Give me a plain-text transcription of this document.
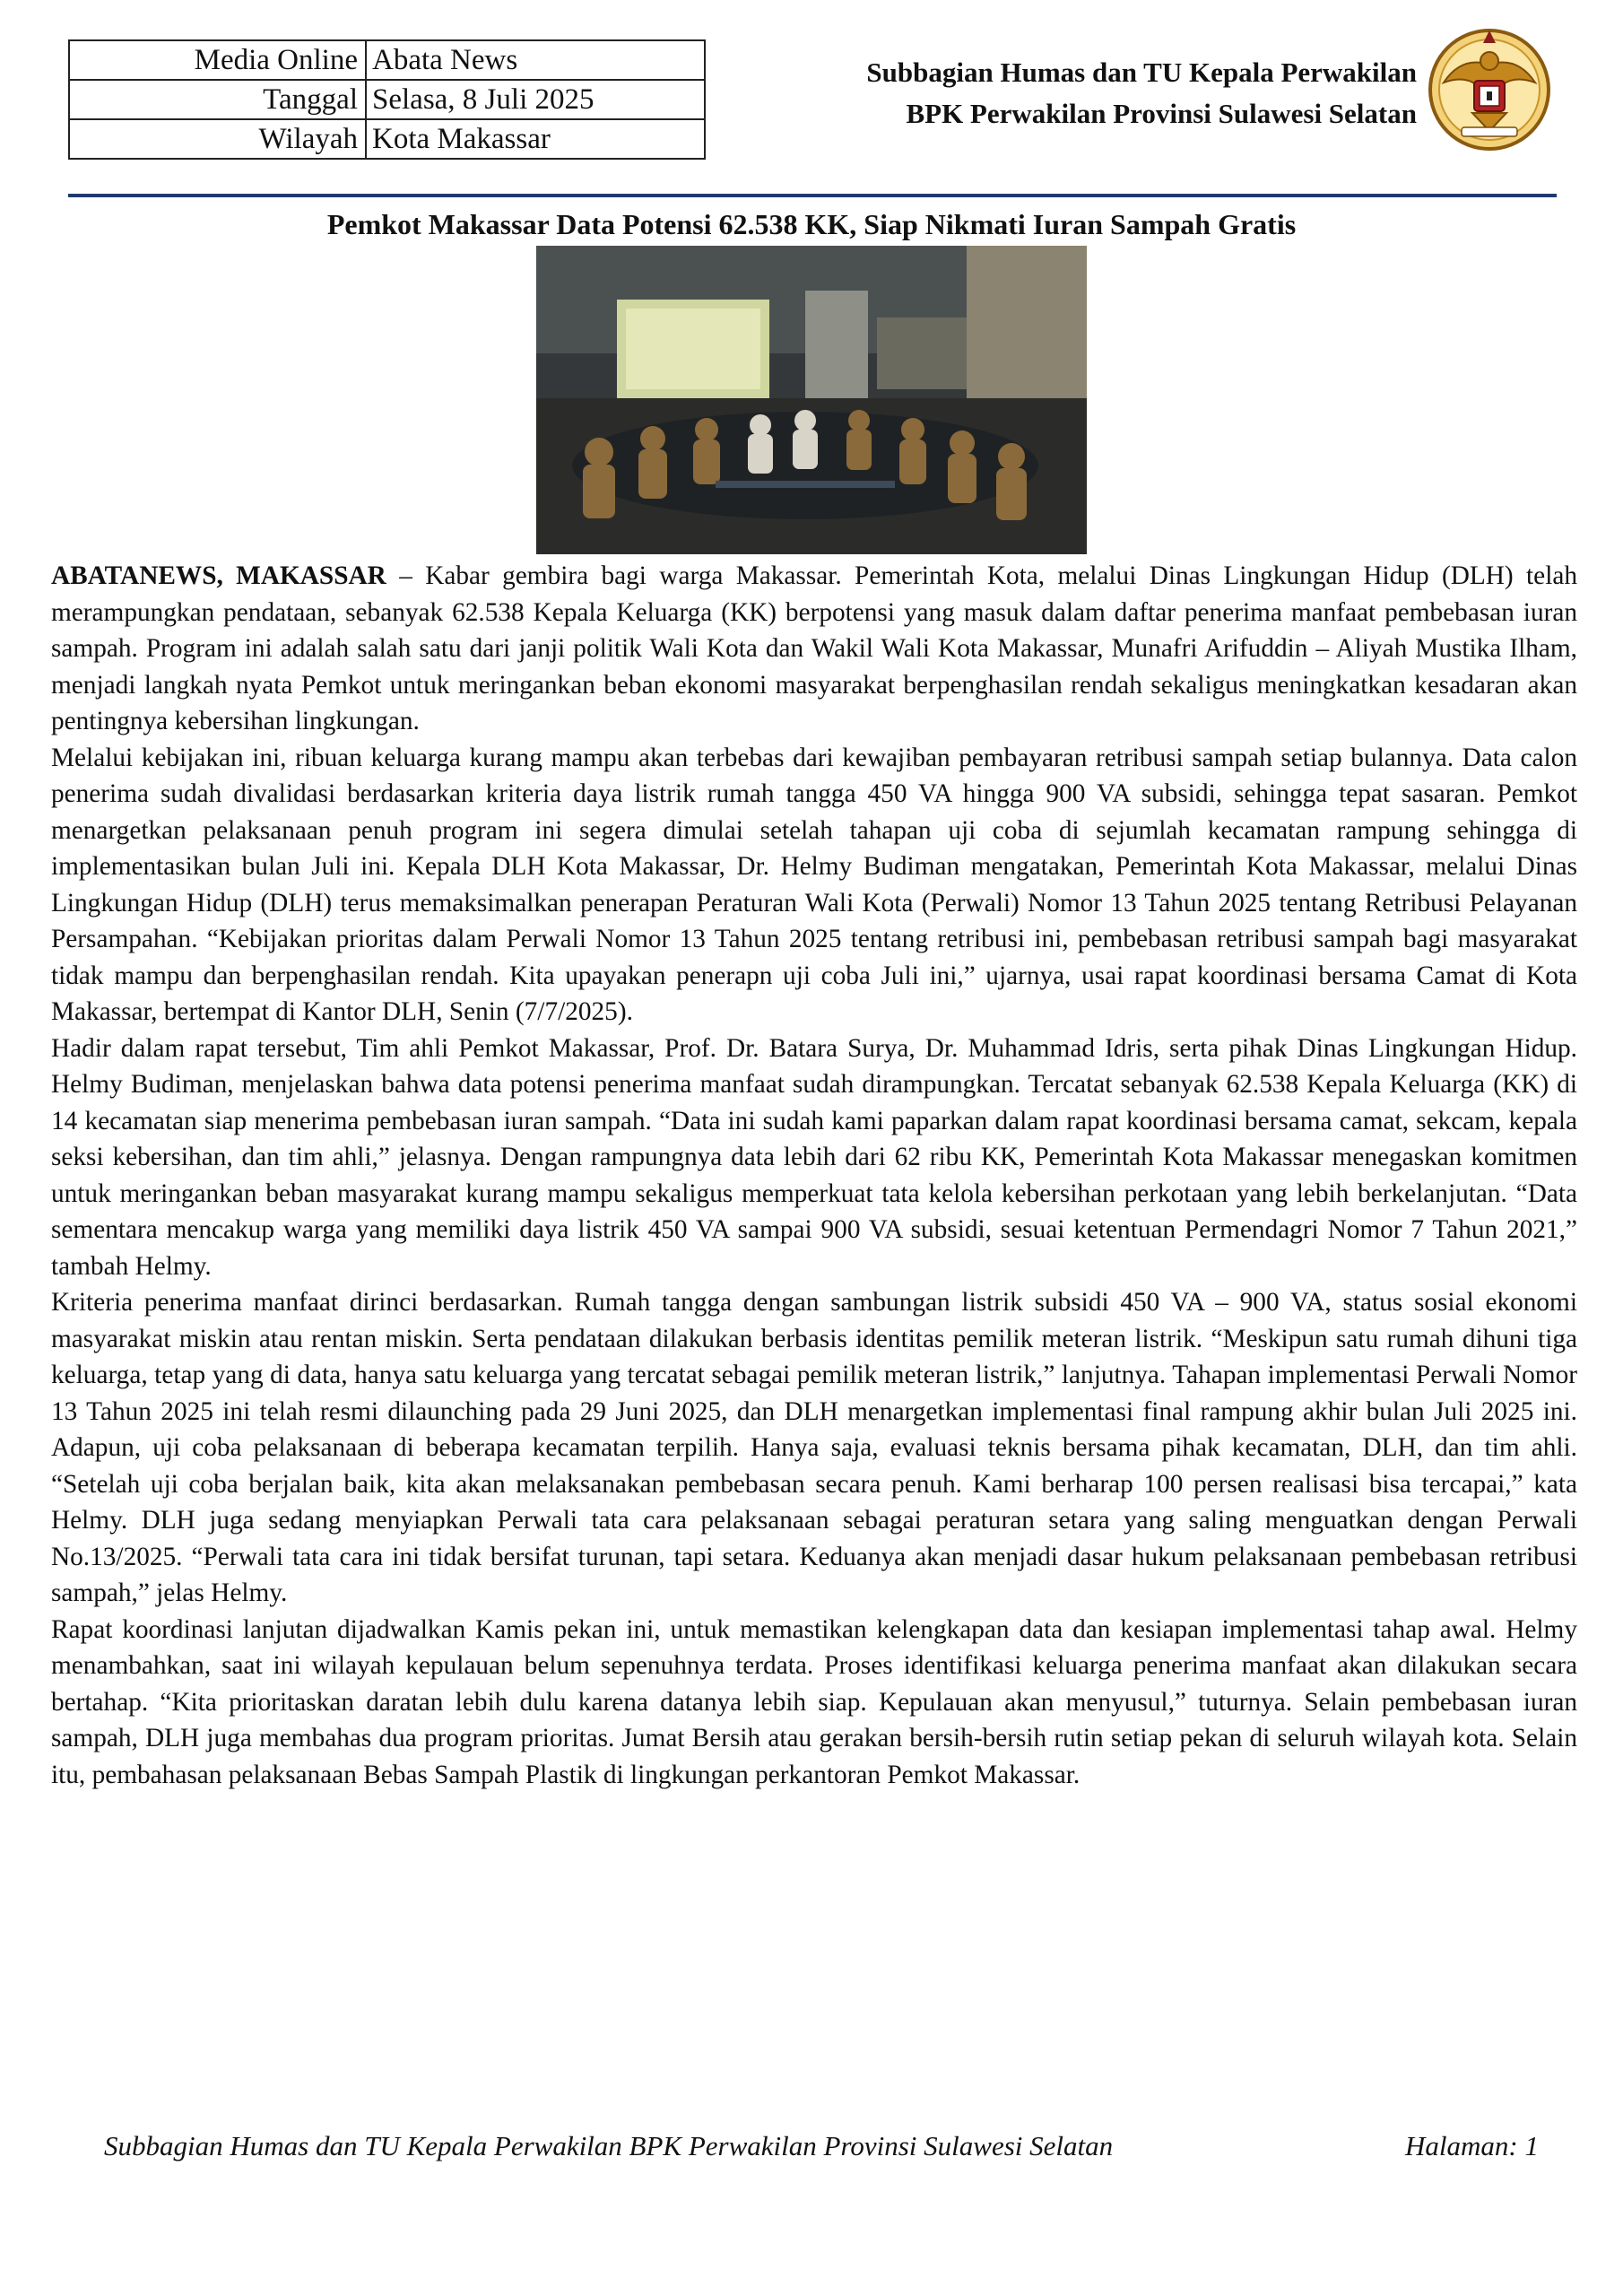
Media Online	Abata News
Tanggal	Selasa, 8 Juli 2025
Wilayah	Kota Makassar
Subbagian Humas dan TU Kepala Perwakilan
BPK Perwakilan Provinsi Sulawesi Selatan
Pemkot Makassar Data Potensi 62.538 KK, Siap Nikmati Iuran Sampah Gratis

ABATANEWS, MAKASSAR – Kabar gembira bagi warga Makassar. Pemerintah Kota, melalui Dinas Lingkungan Hidup (DLH) telah merampungkan pendataan, sebanyak 62.538 Kepala Keluarga (KK) berpotensi yang masuk dalam daftar penerima manfaat pembebasan iuran sampah. Program ini adalah salah satu dari janji politik Wali Kota dan Wakil Wali Kota Makassar, Munafri Arifuddin – Aliyah Mustika Ilham, menjadi langkah nyata Pemkot untuk meringankan beban ekonomi masyarakat berpenghasilan rendah sekaligus meningkatkan kesadaran akan pentingnya kebersihan lingkungan.

Melalui kebijakan ini, ribuan keluarga kurang mampu akan terbebas dari kewajiban pembayaran retribusi sampah setiap bulannya. Data calon penerima sudah divalidasi berdasarkan kriteria daya listrik rumah tangga 450 VA hingga 900 VA subsidi, sehingga tepat sasaran. Pemkot menargetkan pelaksanaan penuh program ini segera dimulai setelah tahapan uji coba di sejumlah kecamatan rampung sehingga di implementasikan bulan Juli ini. Kepala DLH Kota Makassar, Dr. Helmy Budiman mengatakan, Pemerintah Kota Makassar, melalui Dinas Lingkungan Hidup (DLH) terus memaksimalkan penerapan Peraturan Wali Kota (Perwali) Nomor 13 Tahun 2025 tentang Retribusi Pelayanan Persampahan. “Kebijakan prioritas dalam Perwali Nomor 13 Tahun 2025 tentang retribusi ini, pembebasan retribusi sampah bagi masyarakat tidak mampu dan berpenghasilan rendah. Kita upayakan penerapn uji coba Juli ini,” ujarnya, usai rapat koordinasi bersama Camat di Kota Makassar, bertempat di Kantor DLH, Senin (7/7/2025).

Hadir dalam rapat tersebut, Tim ahli Pemkot Makassar, Prof. Dr. Batara Surya, Dr. Muhammad Idris, serta pihak Dinas Lingkungan Hidup. Helmy Budiman, menjelaskan bahwa data potensi penerima manfaat sudah dirampungkan. Tercatat sebanyak 62.538 Kepala Keluarga (KK) di 14 kecamatan siap menerima pembebasan iuran sampah. “Data ini sudah kami paparkan dalam rapat koordinasi bersama camat, sekcam, kepala seksi kebersihan, dan tim ahli,” jelasnya. Dengan rampungnya data lebih dari 62 ribu KK, Pemerintah Kota Makassar menegaskan komitmen untuk meringankan beban masyarakat kurang mampu sekaligus memperkuat tata kelola kebersihan perkotaan yang lebih berkelanjutan. “Data sementara mencakup warga yang memiliki daya listrik 450 VA sampai 900 VA subsidi, sesuai ketentuan Permendagri Nomor 7 Tahun 2021,” tambah Helmy.

Kriteria penerima manfaat dirinci berdasarkan. Rumah tangga dengan sambungan listrik subsidi 450 VA – 900 VA, status sosial ekonomi masyarakat miskin atau rentan miskin. Serta pendataan dilakukan berbasis identitas pemilik meteran listrik. “Meskipun satu rumah dihuni tiga keluarga, tetap yang di data, hanya satu keluarga yang tercatat sebagai pemilik meteran listrik,” lanjutnya. Tahapan implementasi Perwali Nomor 13 Tahun 2025 ini telah resmi dilaunching pada 29 Juni 2025, dan DLH menargetkan implementasi final rampung akhir bulan Juli 2025 ini. Adapun, uji coba pelaksanaan di beberapa kecamatan terpilih. Hanya saja, evaluasi teknis bersama pihak kecamatan, DLH, dan tim ahli. “Setelah uji coba berjalan baik, kita akan melaksanakan pembebasan secara penuh. Kami berharap 100 persen realisasi bisa tercapai,” kata Helmy. DLH juga sedang menyiapkan Perwali tata cara pelaksanaan sebagai peraturan setara yang saling menguatkan dengan Perwali No.13/2025. “Perwali tata cara ini tidak bersifat turunan, tapi setara. Keduanya akan menjadi dasar hukum pelaksanaan pembebasan retribusi sampah,” jelas Helmy.

Rapat koordinasi lanjutan dijadwalkan Kamis pekan ini, untuk memastikan kelengkapan data dan kesiapan implementasi tahap awal. Helmy menambahkan, saat ini wilayah kepulauan belum sepenuhnya terdata. Proses identifikasi keluarga penerima manfaat akan dilakukan secara bertahap. “Kita prioritaskan daratan lebih dulu karena datanya lebih siap. Kepulauan akan menyusul,” tuturnya. Selain pembebasan iuran sampah, DLH juga membahas dua program prioritas. Jumat Bersih atau gerakan bersih-bersih rutin setiap pekan di seluruh wilayah kota. Selain itu, pembahasan pelaksanaan Bebas Sampah Plastik di lingkungan perkantoran Pemkot Makassar.

Subbagian Humas dan TU Kepala Perwakilan BPK Perwakilan Provinsi Sulawesi Selatan	Halaman: 1
